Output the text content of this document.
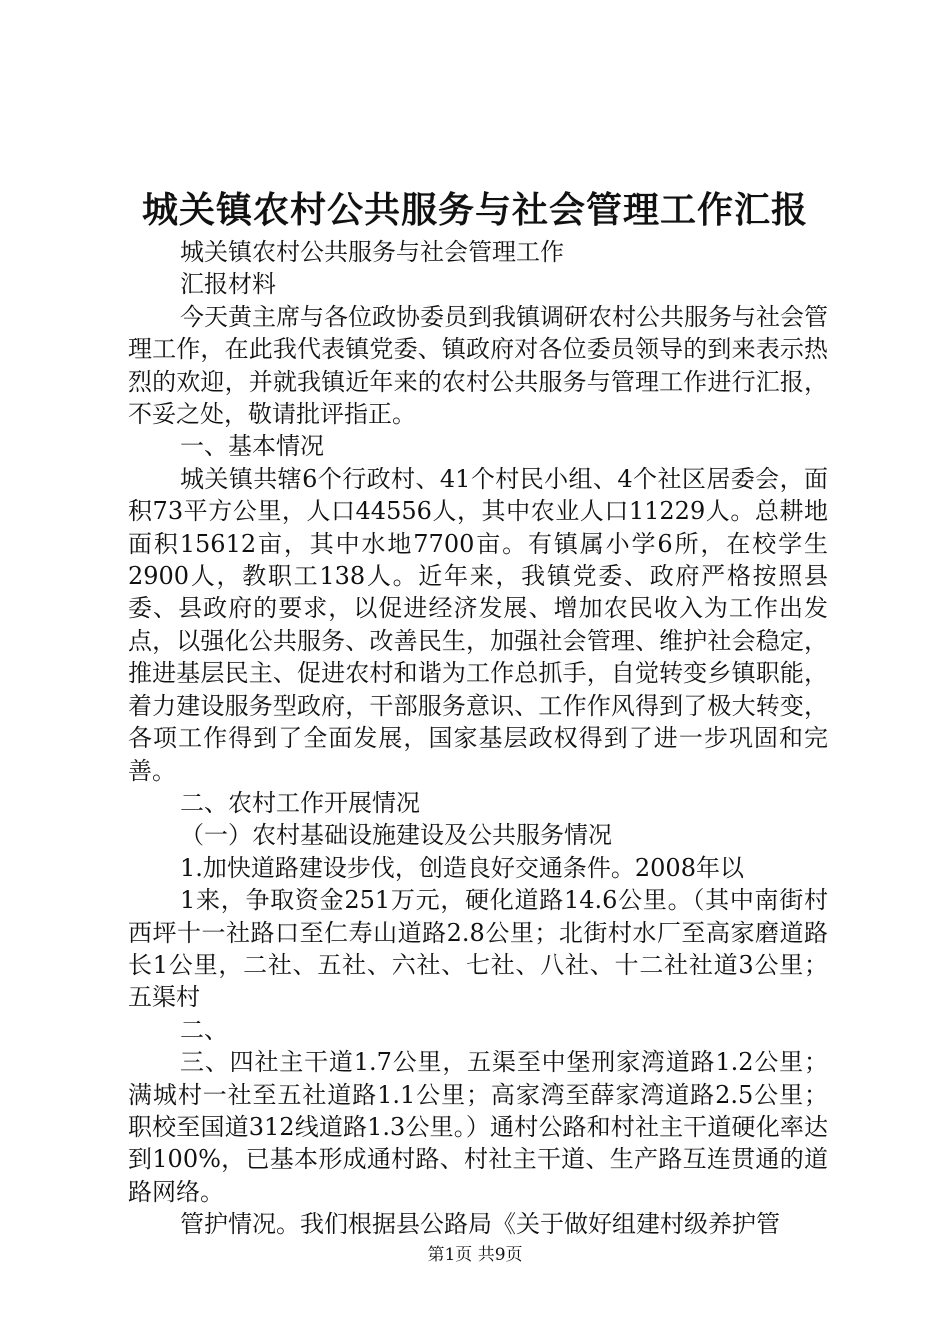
城关镇农村公共服务与社会管理工作汇报

城关镇农村公共服务与社会管理工作

汇报材料

今天黄主席与各位政协委员到我镇调研农村公共服务与社会管理工作，在此我代表镇党委、镇政府对各位委员领导的到来表示热烈的欢迎，并就我镇近年来的农村公共服务与管理工作进行汇报，不妥之处，敬请批评指正。

一、基本情况

城关镇共辖6个行政村、41个村民小组、4个社区居委会，面积73平方公里，人口44556人，其中农业人口11229人。总耕地面积15612亩，其中水地7700亩。有镇属小学6所，在校学生2900人，教职工138人。近年来，我镇党委、政府严格按照县委、县政府的要求，以促进经济发展、增加农民收入为工作出发点，以强化公共服务、改善民生，加强社会管理、维护社会稳定，推进基层民主、促进农村和谐为工作总抓手，自觉转变乡镇职能，着力建设服务型政府，干部服务意识、工作作风得到了极大转变，各项工作得到了全面发展，国家基层政权得到了进一步巩固和完善。

二、农村工作开展情况

（一）农村基础设施建设及公共服务情况

1.加快道路建设步伐，创造良好交通条件。2008年以

1来，争取资金251万元，硬化道路14.6公里。（其中南街村西坪十一社路口至仁寿山道路2.8公里；北街村水厂至高家磨道路长1公里，二社、五社、六社、七社、八社、十二社社道3公里；五渠村

二、

三、四社主干道1.7公里，五渠至中堡刑家湾道路1.2公里；满城村一社至五社道路1.1公里；高家湾至薛家湾道路2.5公里；职校至国道312线道路1.3公里。）通村公路和村社主干道硬化率达到100%，已基本形成通村路、村社主干道、生产路互连贯通的道路网络。

管护情况。我们根据县公路局《关于做好组建村级养护管

第1页 共9页
